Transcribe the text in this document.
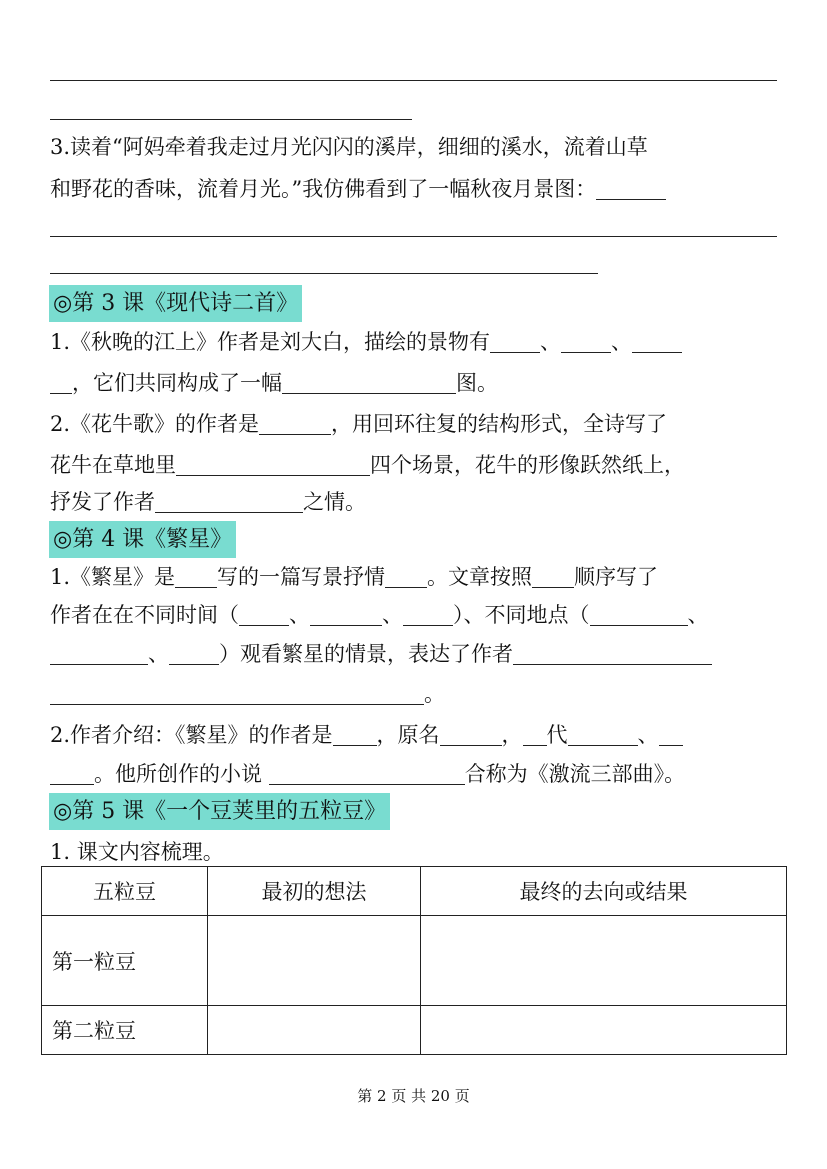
3.读着“阿妈牵着我走过月光闪闪的溪岸，细细的溪水，流着山草
和野花的香味，流着月光。”我仿佛看到了一幅秋夜月景图：
◎第 3 课《现代诗二首》
1.《秋晚的江上》作者是刘大白，描绘的景物有 、 、
，它们共同构成了一幅	图。
2.《花牛歌》的作者是	，用回环往复的结构形式，全诗写了
花牛在草地里	四个场景，花牛的形像跃然纸上，
抒发了作者	之情。
◎第 4 课《繁星》
1.《繁星》是 写的一篇写景抒情 。文章按照 顺序写了
作者在在不同时间（ 、	、 ）、不同地点（	、
、 ）观看繁星的情景，表达了作者
。
2.作者介绍：《繁星》的作者是 ，原名	， 代	、
。他所创作的小说	合称为《激流三部曲》。
◎第 5 课《一个豆荚里的五粒豆》
1. 课文内容梳理。
五粒豆	最初的想法	最终的去向或结果
第一粒豆		
第二粒豆		
第 2 页 共 20 页
